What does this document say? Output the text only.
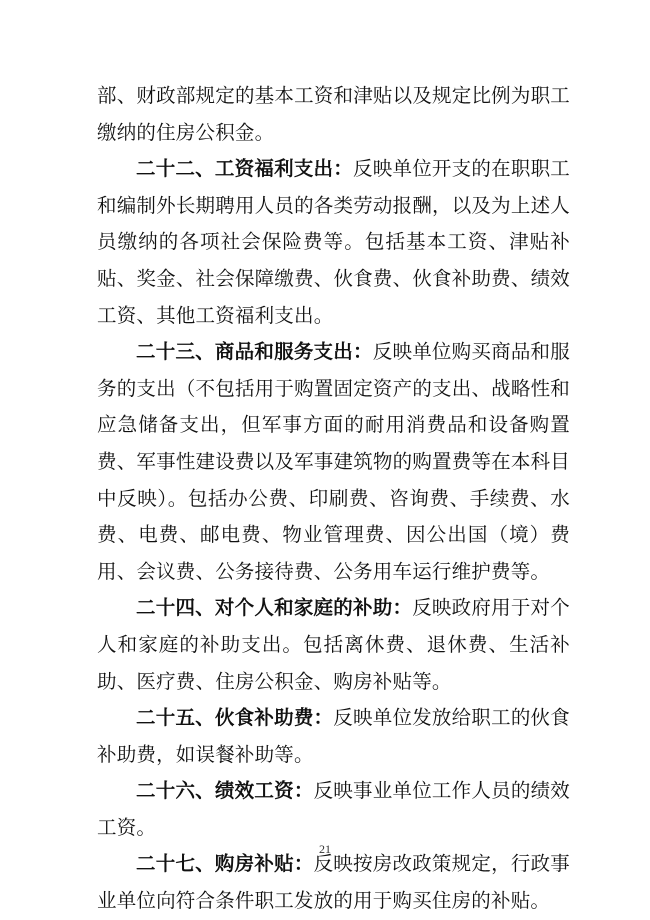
部、财政部规定的基本工资和津贴以及规定比例为职工缴纳的住房公积金。

二十二、工资福利支出：反映单位开支的在职职工和编制外长期聘用人员的各类劳动报酬，以及为上述人员缴纳的各项社会保险费等。包括基本工资、津贴补贴、奖金、社会保障缴费、伙食费、伙食补助费、绩效工资、其他工资福利支出。

二十三、商品和服务支出：反映单位购买商品和服务的支出（不包括用于购置固定资产的支出、战略性和应急储备支出，但军事方面的耐用消费品和设备购置费、军事性建设费以及军事建筑物的购置费等在本科目中反映）。包括办公费、印刷费、咨询费、手续费、水费、电费、邮电费、物业管理费、因公出国（境）费用、会议费、公务接待费、公务用车运行维护费等。

二十四、对个人和家庭的补助：反映政府用于对个人和家庭的补助支出。包括离休费、退休费、生活补助、医疗费、住房公积金、购房补贴等。

二十五、伙食补助费：反映单位发放给职工的伙食补助费，如误餐补助等。

二十六、绩效工资：反映事业单位工作人员的绩效工资。

二十七、购房补贴：反映按房改政策规定，行政事业单位向符合条件职工发放的用于购买住房的补贴。

21
